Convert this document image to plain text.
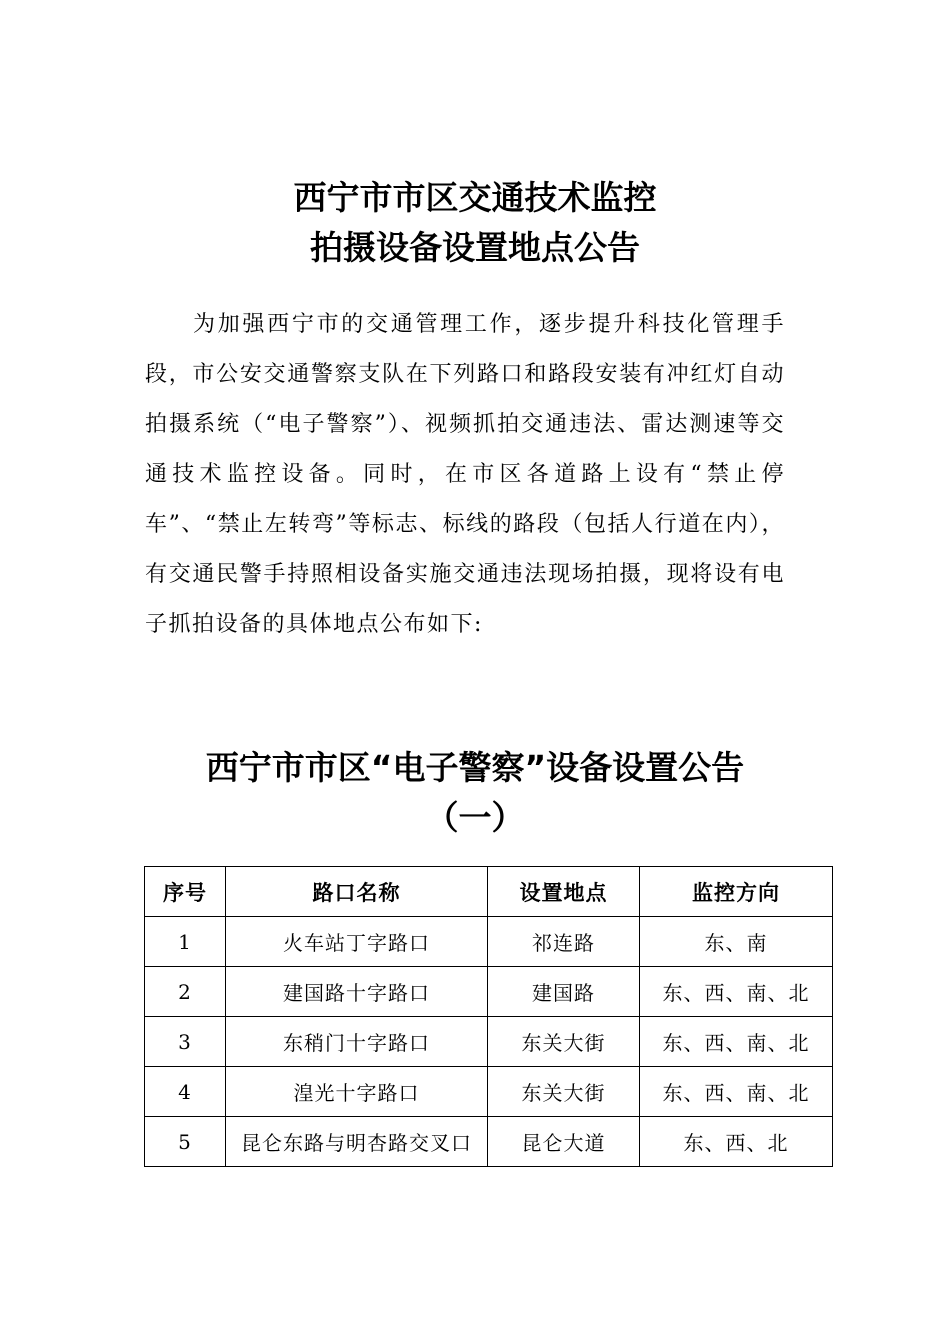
西宁市市区交通技术监控
拍摄设备设置地点公告

为加强西宁市的交通管理工作，逐步提升科技化管理手段，市公安交通警察支队在下列路口和路段安装有冲红灯自动拍摄系统（“电子警察”）、视频抓拍交通违法、雷达测速等交通技术监控设备。同时，在市区各道路上设有“禁止停车”、“禁止左转弯”等标志、标线的路段（包括人行道在内），有交通民警手持照相设备实施交通违法现场拍摄，现将设有电子抓拍设备的具体地点公布如下:

西宁市市区“电子警察”设备设置公告
（一）
序号	路口名称	设置地点	监控方向
1	火车站丁字路口	祁连路	东、南
2	建国路十字路口	建国路	东、西、南、北
3	东稍门十字路口	东关大街	东、西、南、北
4	湟光十字路口	东关大街	东、西、南、北
5	昆仑东路与明杏路交叉口	昆仑大道	东、西、北
